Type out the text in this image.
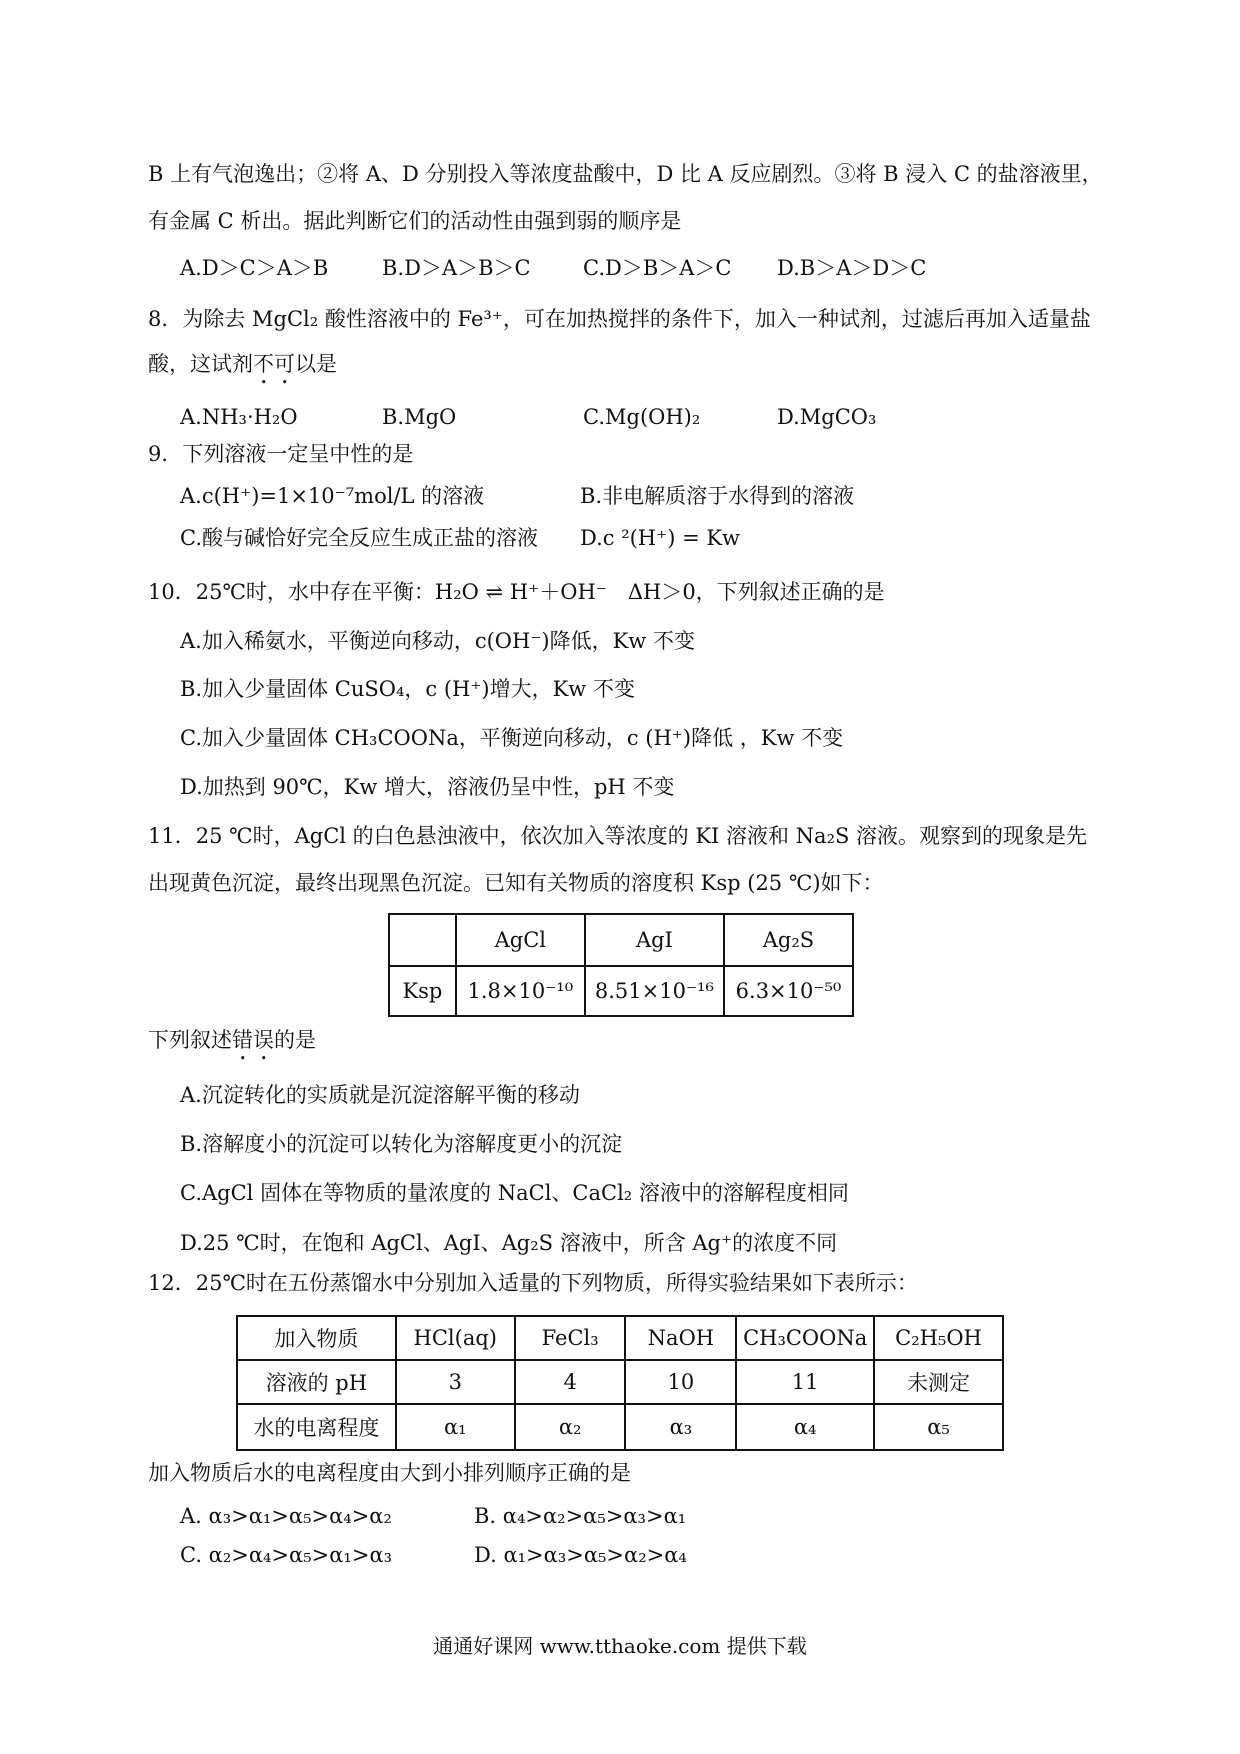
B 上有气泡逸出；②将 A、D 分别投入等浓度盐酸中，D 比 A 反应剧烈。③将 B 浸入 C 的盐溶液里，
有金属 C 析出。据此判断它们的活动性由强到弱的顺序是
A.D＞C＞A＞B	B.D＞A＞B＞C C.D＞B＞A＞C D.B＞A＞D＞C
8．为除去 MgCl₂ 酸性溶液中的 Fe³⁺，可在加热搅拌的条件下，加入一种试剂，过滤后再加入适量盐
酸，这试剂不可以是
A.NH₃·H₂O	B.MgO	C.Mg(OH)₂	D.MgCO₃
9．下列溶液一定呈中性的是
A.c(H⁺)=1×10⁻⁷mol/L 的溶液	B.非电解质溶于水得到的溶液
C.酸与碱恰好完全反应生成正盐的溶液 D.c ²(H⁺) = Kw
10．25℃时，水中存在平衡：H₂O ⇌ H⁺＋OH⁻　ΔH＞0，下列叙述正确的是
A.加入稀氨水，平衡逆向移动，c(OH⁻)降低，Kw 不变
B.加入少量固体 CuSO₄，c (H⁺)增大，Kw 不变
C.加入少量固体 CH₃COONa，平衡逆向移动，c (H⁺)降低 ，Kw 不变
D.加热到 90℃，Kw 增大，溶液仍呈中性，pH 不变
11．25 ℃时，AgCl 的白色悬浊液中，依次加入等浓度的 KI 溶液和 Na₂S 溶液。观察到的现象是先
出现黄色沉淀，最终出现黑色沉淀。已知有关物质的溶度积 Ksp (25 ℃)如下：
	AgCl	AgI	Ag₂S
Ksp	1.8×10⁻¹⁰	8.51×10⁻¹⁶	6.3×10⁻⁵⁰
下列叙述错误的是
A.沉淀转化的实质就是沉淀溶解平衡的移动
B.溶解度小的沉淀可以转化为溶解度更小的沉淀
C.AgCl 固体在等物质的量浓度的 NaCl、CaCl₂ 溶液中的溶解程度相同
D.25 ℃时，在饱和 AgCl、AgI、Ag₂S 溶液中，所含 Ag⁺的浓度不同
12．25℃时在五份蒸馏水中分别加入适量的下列物质，所得实验结果如下表所示：
加入物质	HCl(aq)	FeCl₃	NaOH	CH₃COONa	C₂H₅OH
溶液的 pH	3	4	10	11	未测定
水的电离程度	α₁	α₂	α₃	α₄	α₅
加入物质后水的电离程度由大到小排列顺序正确的是
A. α₃>α₁>α₅>α₄>α₂	B. α₄>α₂>α₅>α₃>α₁
C. α₂>α₄>α₅>α₁>α₃	D. α₁>α₃>α₅>α₂>α₄
通通好课网 www.tthaoke.com 提供下载
